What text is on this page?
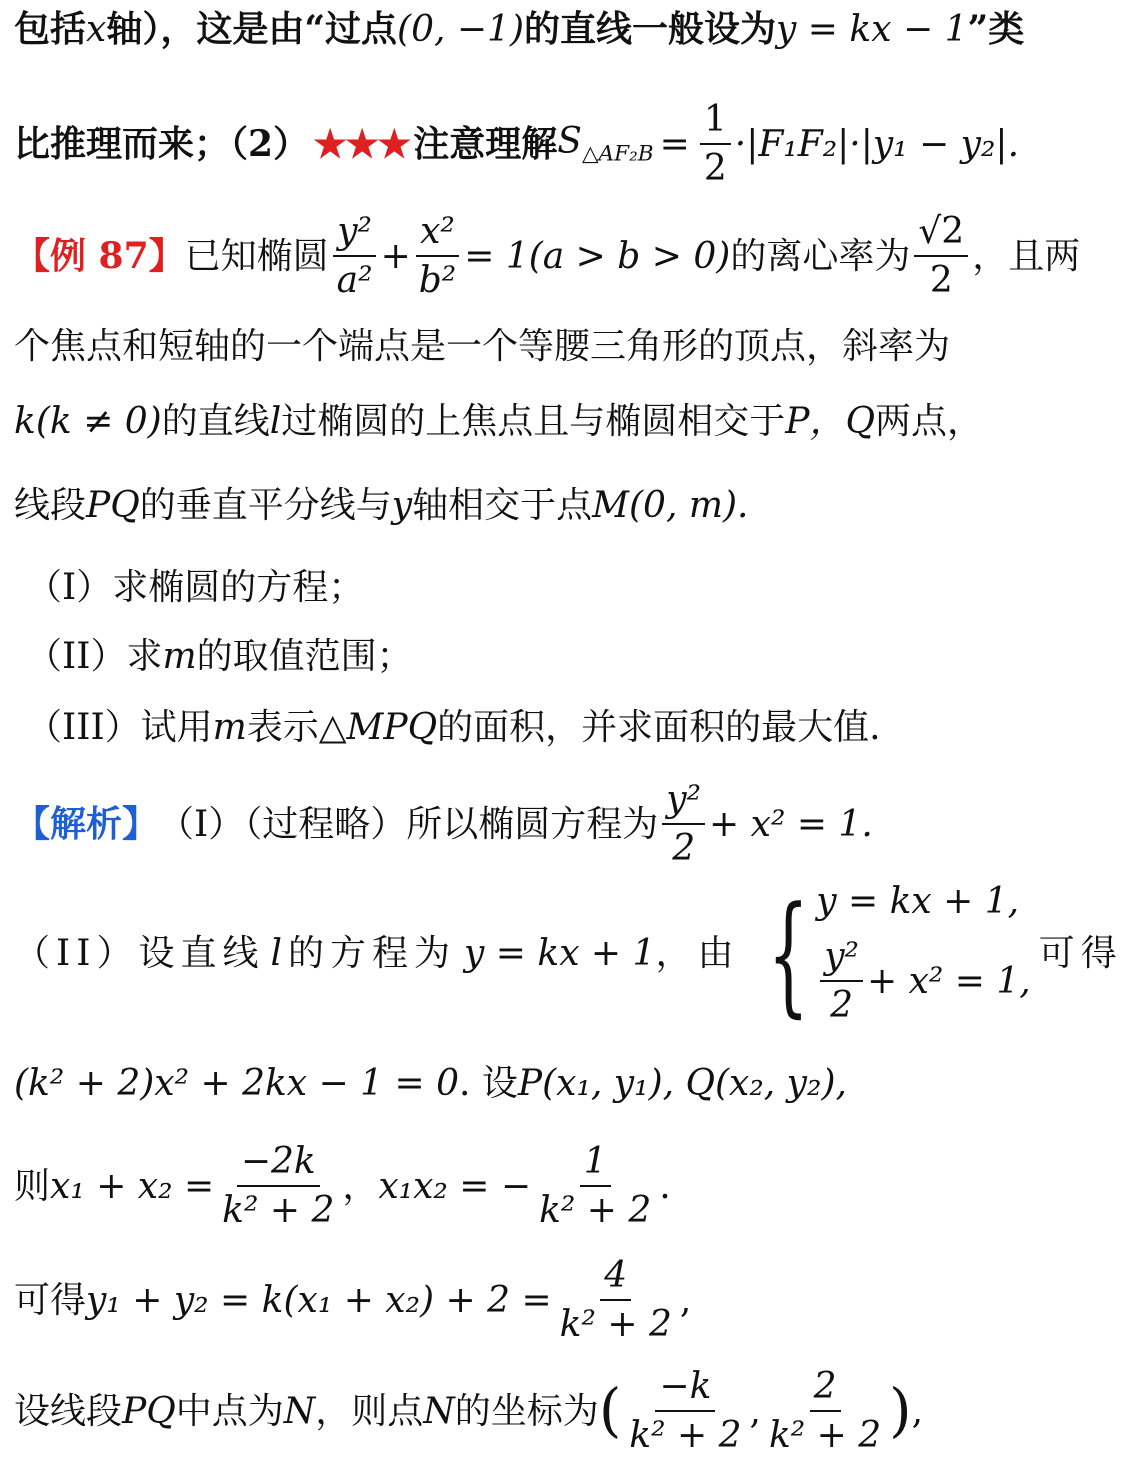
包括 x 轴），这是由“过点 (0, −1) 的直线一般设为 y = kx − 1 ”类
比推理而来；（2） ★★★ 注意理解 $S_{\triangle AF_2B} = \frac{1}{2} \cdot|F_1F_2|\cdot|y_1 - y_2|$.
【例 87】 已知椭圆 $\frac{\text{y²}}{\text{a²}} + \frac{\text{x²}}{\text{b²}} = 1(a > b > 0)$ 的离心率为 $\frac{√2}{2}$ ，且两
个焦点和短轴的一个端点是一个等腰三角形的顶点，斜率为
k(k ≠ 0) 的直线 l 过椭圆的上焦点且与椭圆相交于 P，Q 两点，
线段 PQ 的垂直平分线与 y 轴相交于点 M(0, m).
（I）求椭圆的方程；
（II）求 m 的取值范围；
（III）试用 m 表示△ MPQ 的面积，并求面积的最大值.
【解析】 （I）（过程略）所以椭圆方程为 $\frac{\text{y²}}{2} + x^2 = 1$.
（II）设直线 l 的方程为 y = kx + 1 ，由 { y = kx + 1,
$\frac{\text{y²}}{2} + x^2 = 1$,
可得
(k² + 2)x² + 2kx − 1 = 0 . 设 P(x₁, y₁), Q(x₂, y₂),
则 $x_1 + x_2 = \frac{-2k}{\text{k² + 2}}$ ， x₁x₂ = − $\frac{1}{\text{k² + 2}}$ .
可得 $y_1 + y_2 = k(x_1 + x_2) + 2 = \frac{4}{\text{k² + 2}}$ ,
设线段 PQ 中点为 N ，则点 N 的坐标为 ( $\frac{-k}{\text{k² + 2}}$ , $\frac{2}{\text{k² + 2}}$ ) ,
